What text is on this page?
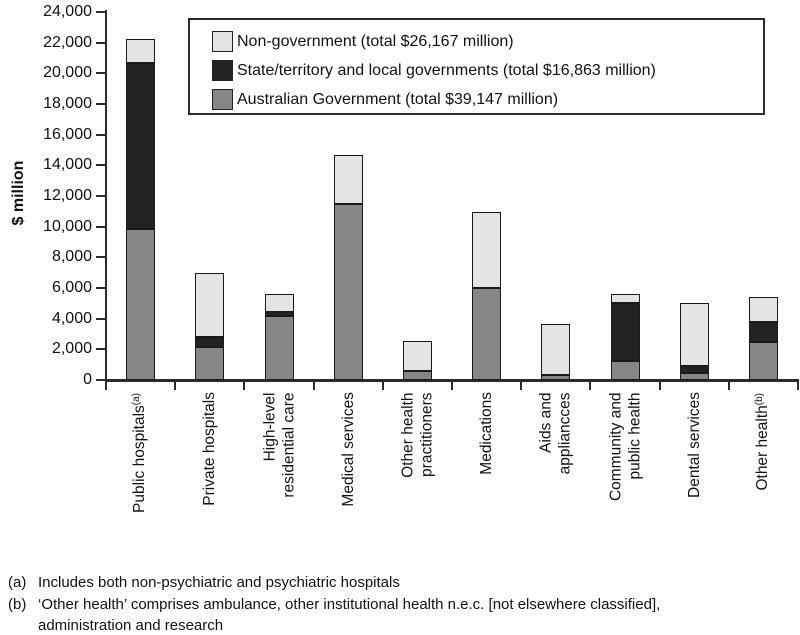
$ million
0
2,000
4,000
6,000
8,000
10,000
12,000
14,000
16,000
18,000
20,000
22,000
24,000
Public hospitals$^{(a)}$	Private hospitals	High-level residential care	Medical services	Other health practitioners	Medications	Aids and appliancces Community and public health	Dental services	Other health$^{(b)}$
Non-government (total $26,167 million)
State/territory and local governments (total $16,863 million)
Australian Government (total $39,147 million)
(a) Includes both non-psychiatric and psychiatric hospitals
(b) ‘Other health’ comprises ambulance, other institutional health n.e.c. [not elsewhere classified],
administration and research
